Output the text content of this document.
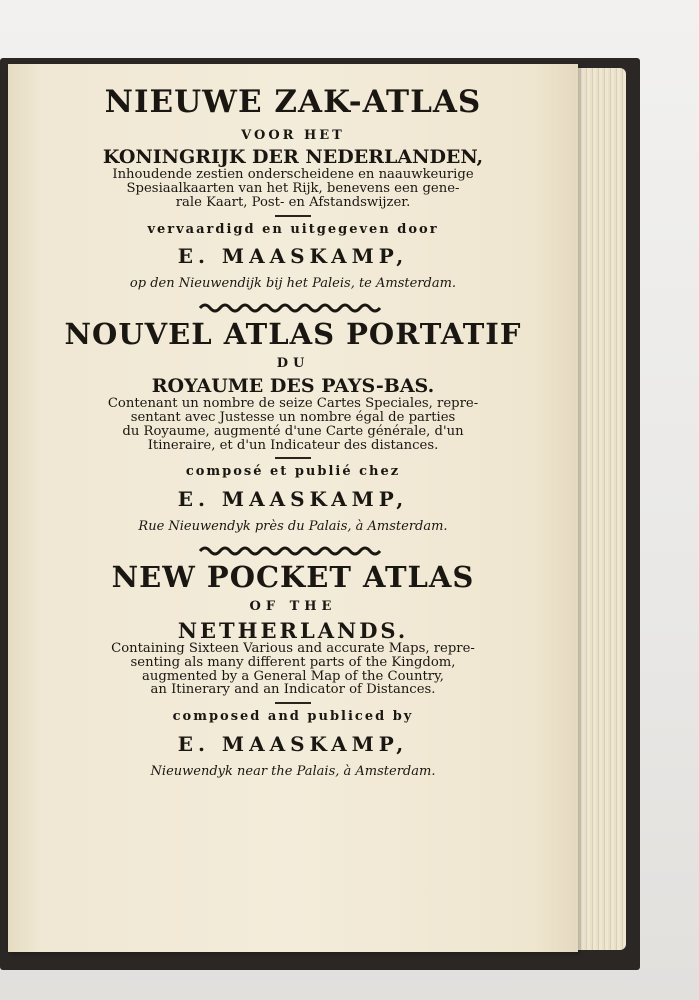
NIEUWE ZAK-ATLAS
VOOR HET
KONINGRIJK DER NEDERLANDEN,
Inhoudende zestien onderscheidene en naauwkeurige
Spesiaalkaarten van het Rijk, benevens een gene-
rale Kaart, Post- en Afstandswijzer.
vervaardigd en uitgegeven door
E. MAASKAMP,
op den Nieuwendijk bij het Paleis, te Amsterdam.
NOUVEL ATLAS PORTATIF
DU
ROYAUME DES PAYS-BAS.
Contenant un nombre de seize Cartes Speciales, repre-
sentant avec Justesse un nombre égal de parties
du Royaume, augmenté d'une Carte générale, d'un
Itineraire, et d'un Indicateur des distances.
composé et publié chez
E. MAASKAMP,
Rue Nieuwendyk près du Palais, à Amsterdam.
NEW POCKET ATLAS
OF THE
NETHERLANDS.
Containing Sixteen Various and accurate Maps, repre-
senting als many different parts of the Kingdom,
augmented by a General Map of the Country,
an Itinerary and an Indicator of Distances.
composed and publiced by
E. MAASKAMP,
Nieuwendyk near the Palais, à Amsterdam.
